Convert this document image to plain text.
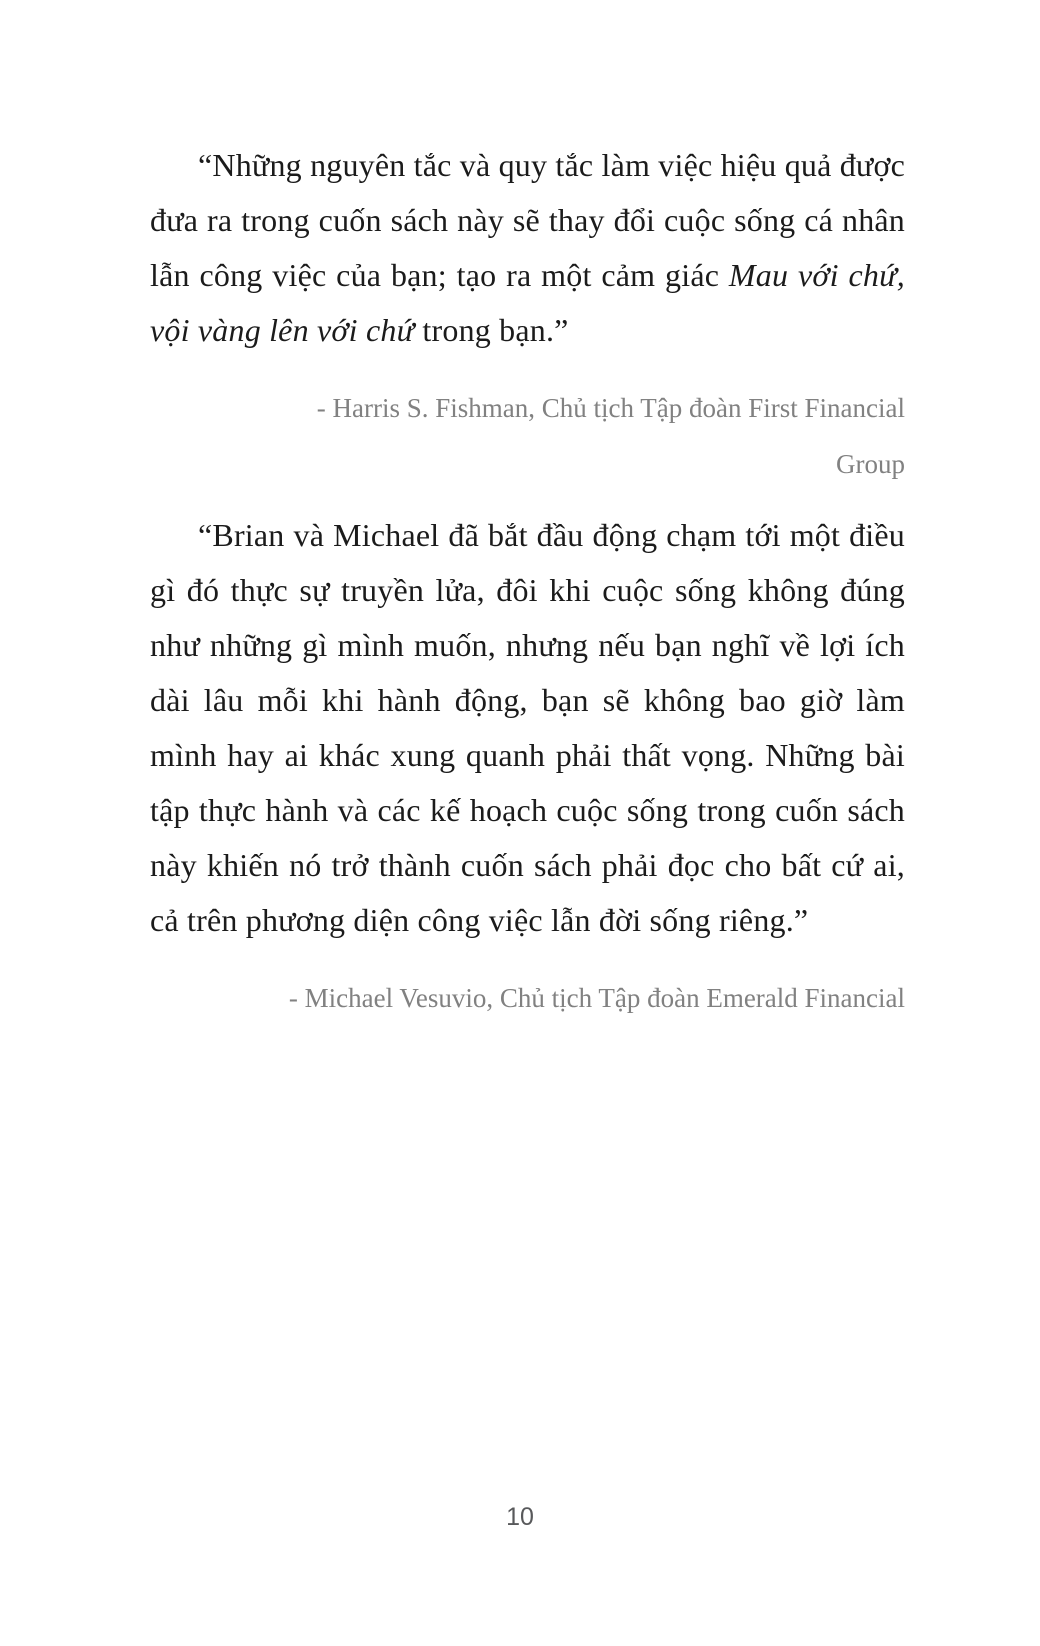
“Những nguyên tắc và quy tắc làm việc hiệu quả được đưa ra trong cuốn sách này sẽ thay đổi cuộc sống cá nhân lẫn công việc của bạn; tạo ra một cảm giác Mau với chứ, vội vàng lên với chứ trong bạn.”

- Harris S. Fishman, Chủ tịch Tập đoàn First Financial
Group

“Brian và Michael đã bắt đầu động chạm tới một điều gì đó thực sự truyền lửa, đôi khi cuộc sống không đúng như những gì mình muốn, nhưng nếu bạn nghĩ về lợi ích dài lâu mỗi khi hành động, bạn sẽ không bao giờ làm mình hay ai khác xung quanh phải thất vọng. Những bài tập thực hành và các kế hoạch cuộc sống trong cuốn sách này khiến nó trở thành cuốn sách phải đọc cho bất cứ ai, cả trên phương diện công việc lẫn đời sống riêng.”

- Michael Vesuvio, Chủ tịch Tập đoàn Emerald Financial
10
